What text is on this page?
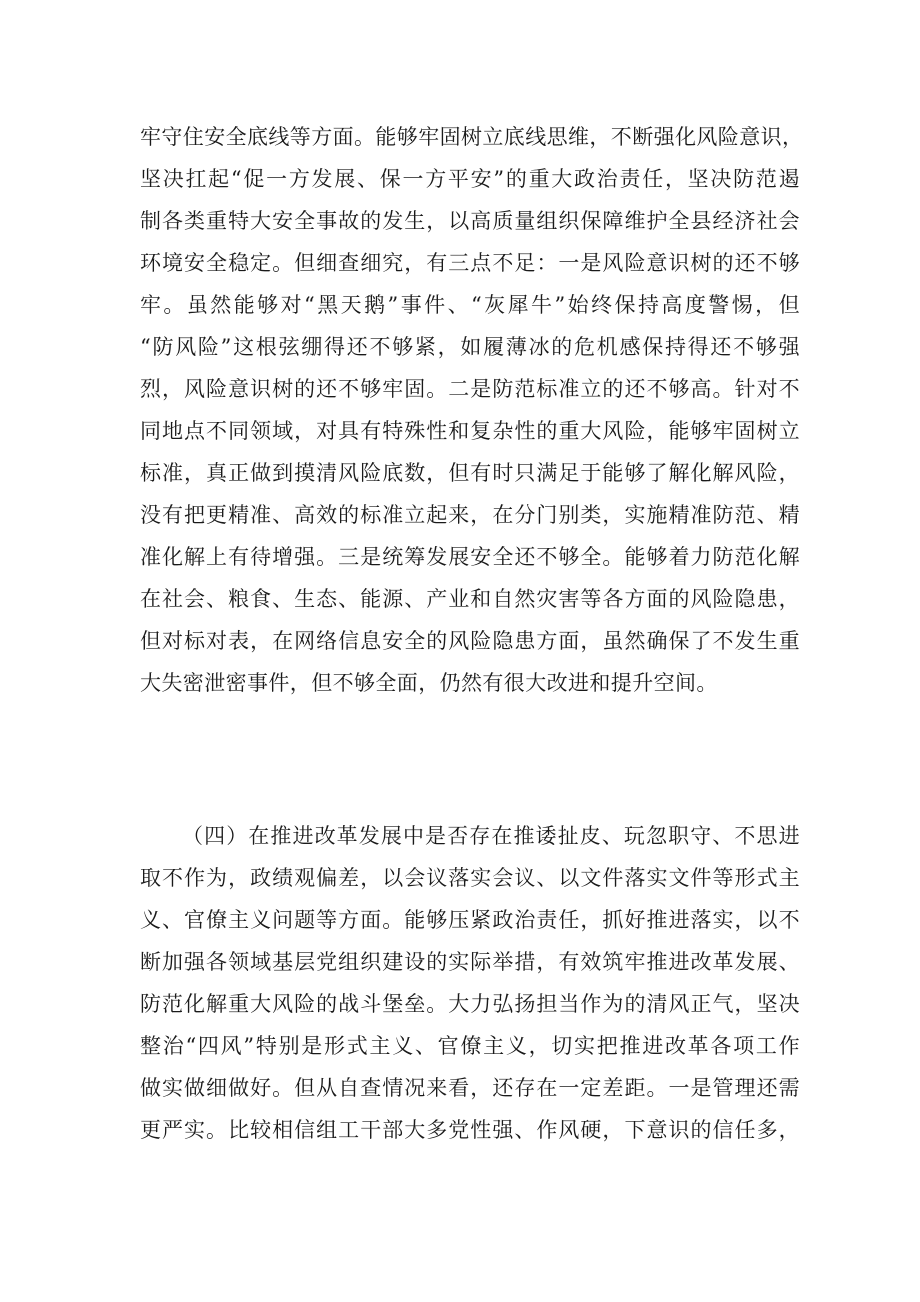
牢守住安全底线等方面。能够牢固树立底线思维，不断强化风险意识，
坚决扛起“促一方发展、保一方平安”的重大政治责任，坚决防范遏
制各类重特大安全事故的发生，以高质量组织保障维护全县经济社会
环境安全稳定。但细查细究，有三点不足：一是风险意识树的还不够
牢。虽然能够对“黑天鹅”事件、“灰犀牛”始终保持高度警惕，但
“防风险”这根弦绷得还不够紧，如履薄冰的危机感保持得还不够强
烈，风险意识树的还不够牢固。二是防范标准立的还不够高。针对不
同地点不同领域，对具有特殊性和复杂性的重大风险，能够牢固树立
标准，真正做到摸清风险底数，但有时只满足于能够了解化解风险，
没有把更精准、高效的标准立起来，在分门别类，实施精准防范、精
准化解上有待增强。三是统筹发展安全还不够全。能够着力防范化解
在社会、粮食、生态、能源、产业和自然灾害等各方面的风险隐患，
但对标对表，在网络信息安全的风险隐患方面，虽然确保了不发生重
大失密泄密事件，但不够全面，仍然有很大改进和提升空间。
（四）在推进改革发展中是否存在推诿扯皮、玩忽职守、不思进
取不作为，政绩观偏差，以会议落实会议、以文件落实文件等形式主
义、官僚主义问题等方面。能够压紧政治责任，抓好推进落实，以不
断加强各领域基层党组织建设的实际举措，有效筑牢推进改革发展、
防范化解重大风险的战斗堡垒。大力弘扬担当作为的清风正气，坚决
整治“四风”特别是形式主义、官僚主义，切实把推进改革各项工作
做实做细做好。但从自查情况来看，还存在一定差距。一是管理还需
更严实。比较相信组工干部大多党性强、作风硬，下意识的信任多，
